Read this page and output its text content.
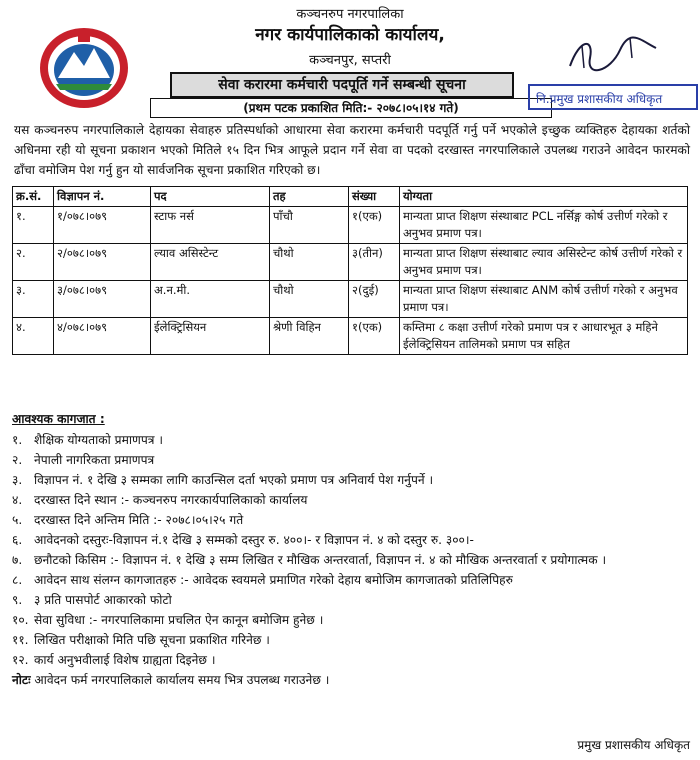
कञ्चनरुप नगरपालिका
नगर कार्यपालिकाको कार्यालय,
कञ्चनपुर, सप्तरी
सेवा करारमा कर्मचारी पदपूर्ति गर्ने सम्बन्धी सूचना
(प्रथम पटक प्रकाशित मिति:- २०७८।०५।१४ गते)
नि.प्रमुख प्रशासकीय अधिकृत
यस कञ्चनरुप नगरपालिकाले देहायका सेवाहरु प्रतिस्पर्धाको आधारमा सेवा करारमा कर्मचारी पदपूर्ति गर्नु पर्ने भएकोले इच्छुक व्यक्तिहरु देहायका शर्तको अधिनमा रही यो सूचना प्रकाशन भएको मितिले १५ दिन भित्र आफूले प्रदान गर्ने सेवा वा पदको दरखास्त नगरपालिकाले उपलब्ध गराउने आवेदन फारमको ढाँचा वमोजिम पेश गर्नु हुन यो सार्वजनिक सूचना प्रकाशित गरिएको छ।
क्र.सं.	विज्ञापन नं.	पद	तह	संख्या	योग्यता
१.	१/०७८।०७९	स्टाफ नर्स	पाँचौ	१(एक)	मान्यता प्राप्त शिक्षण संस्थाबाट PCL नर्सिङ्ग कोर्ष उत्तीर्ण गरेको र अनुभव प्रमाण पत्र।
२.	२/०७८।०७९	ल्याव असिस्टेन्ट	चौथो	३(तीन)	मान्यता प्राप्त शिक्षण संस्थाबाट ल्याव असिस्टेन्ट कोर्ष उत्तीर्ण गरेको र अनुभव प्रमाण पत्र।
३.	३/०७८।०७९	अ.न.मी.	चौथो	२(दुई)	मान्यता प्राप्त शिक्षण संस्थाबाट ANM कोर्ष उत्तीर्ण गरेको र अनुभव प्रमाण पत्र।
४.	४/०७८।०७९	ईलेक्ट्रिसियन	श्रेणी विहिन	१(एक)	कम्तिमा ८ कक्षा उत्तीर्ण गरेको प्रमाण पत्र र आधारभूत ३ महिने ईलेक्ट्रिसियन तालिमको प्रमाण पत्र सहित
आवश्यक कागजात :
१. शैक्षिक योग्यताको प्रमाणपत्र ।
२. नेपाली नागरिकता प्रमाणपत्र
३. विज्ञापन नं. १ देखि ३ सम्मका लागि काउन्सिल दर्ता भएको प्रमाण पत्र अनिवार्य पेश गर्नुपर्ने ।
४. दरखास्त दिने स्थान :- कञ्चनरुप नगरकार्यपालिकाको कार्यालय
५. दरखास्त दिने अन्तिम मिति :- २०७८।०५।२५ गते
६. आवेदनको दस्तुरः-विज्ञापन नं.१ देखि ३ सम्मको दस्तुर रु. ४००।- र विज्ञापन नं. ४ को दस्तुर रु. ३००।-
७. छनौटको किसिम :- विज्ञापन नं. १ देखि ३ सम्म लिखित र मौखिक अन्तरवार्ता, विज्ञापन नं. ४ को मौखिक अन्तरवार्ता र प्रयोगात्मक ।
८. आवेदन साथ संलग्न कागजातहरु :- आवेदक स्वयमले प्रमाणित गरेको देहाय बमोजिम कागजातको प्रतिलिपिहरु
९. ३ प्रति पासपोर्ट आकारको फोटो
१०. सेवा सुविधा :- नगरपालिकामा प्रचलित ऐन कानून बमोजिम हुनेछ ।
११. लिखित परीक्षाको मिति पछि सूचना प्रकाशित गरिनेछ ।
१२. कार्य अनुभवीलाई विशेष ग्राह्यता दिइनेछ ।
नोटः
आवेदन फर्म नगरपालिकाले कार्यालय समय भित्र उपलब्ध गराउनेछ ।
प्रमुख प्रशासकीय अधिकृत
